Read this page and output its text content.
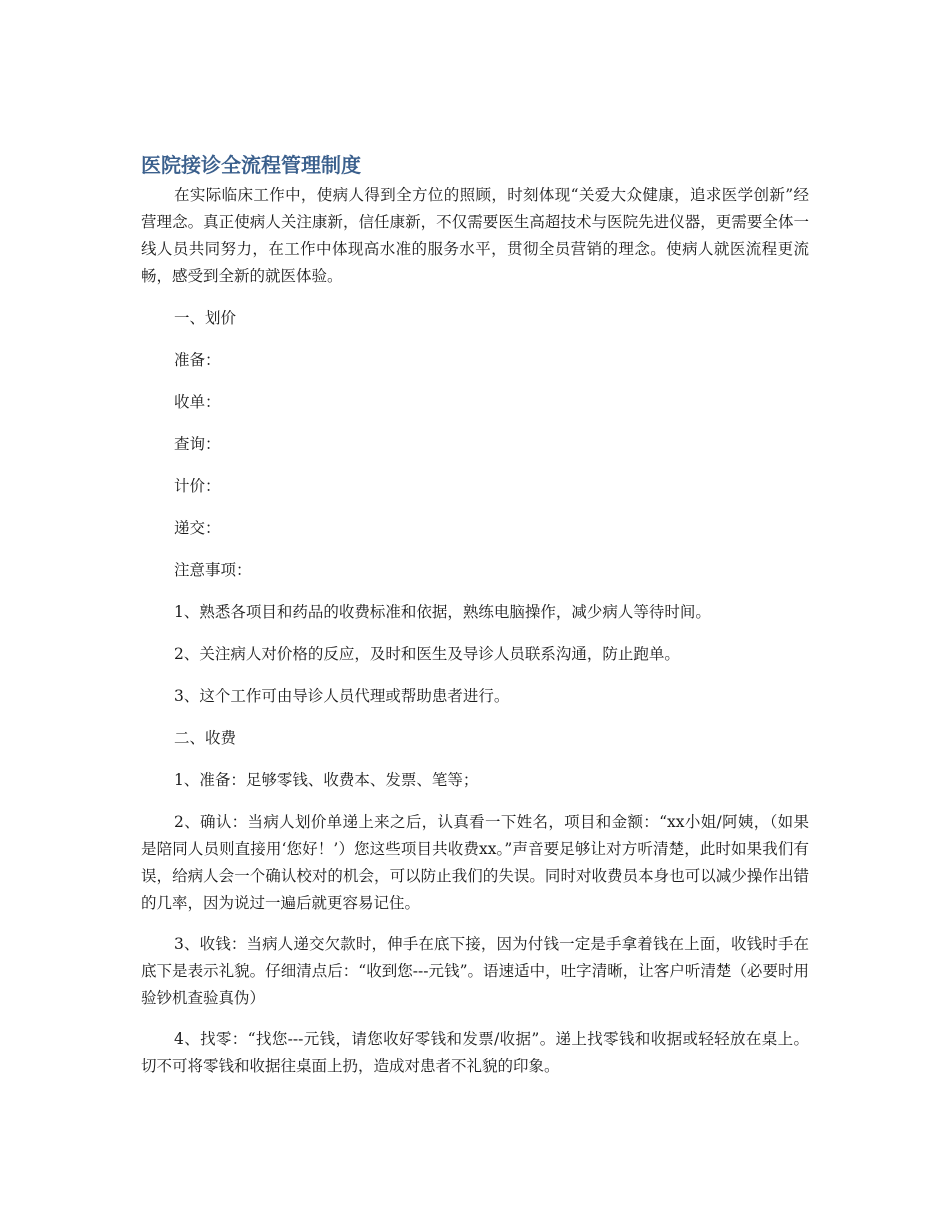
医院接诊全流程管理制度

在实际临床工作中，使病人得到全方位的照顾，时刻体现“关爱大众健康，追求医学创新”经营理念。真正使病人关注康新，信任康新，不仅需要医生高超技术与医院先进仪器，更需要全体一线人员共同努力，在工作中体现高水准的服务水平，贯彻全员营销的理念。使病人就医流程更流畅，感受到全新的就医体验。

一、划价

准备：

收单：

查询：

计价：

递交：

注意事项：

1、熟悉各项目和药品的收费标准和依据，熟练电脑操作，减少病人等待时间。

2、关注病人对价格的反应，及时和医生及导诊人员联系沟通，防止跑单。

3、这个工作可由导诊人员代理或帮助患者进行。

二、收费

1、准备：足够零钱、收费本、发票、笔等；

2、确认：当病人划价单递上来之后，认真看一下姓名，项目和金额：“xx小姐/阿姨，（如果是陪同人员则直接用‘您好！’）您这些项目共收费xx。”声音要足够让对方听清楚，此时如果我们有误，给病人会一个确认校对的机会，可以防止我们的失误。同时对收费员本身也可以减少操作出错的几率，因为说过一遍后就更容易记住。

3、收钱：当病人递交欠款时，伸手在底下接，因为付钱一定是手拿着钱在上面，收钱时手在底下是表示礼貌。仔细清点后：“收到您---元钱”。语速适中，吐字清晰，让客户听清楚（必要时用验钞机查验真伪）

4、找零：“找您---元钱，请您收好零钱和发票/收据”。递上找零钱和收据或轻轻放在桌上。切不可将零钱和收据往桌面上扔，造成对患者不礼貌的印象。
